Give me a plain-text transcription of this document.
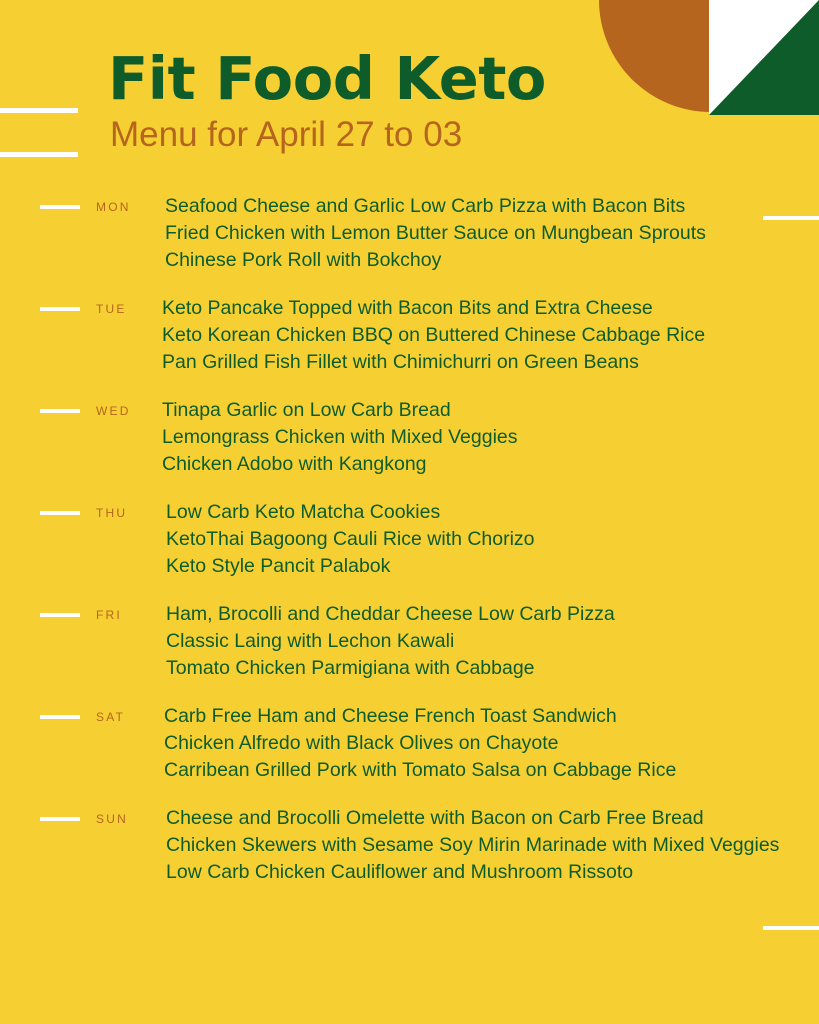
Fit Food Keto
Menu for April 27 to 03
MON Seafood Cheese and Garlic Low Carb Pizza with Bacon Bits
Fried Chicken with Lemon Butter Sauce on Mungbean Sprouts
Chinese Pork Roll with Bokchoy
TUE Keto Pancake Topped with Bacon Bits and Extra Cheese
Keto Korean Chicken BBQ on Buttered Chinese Cabbage Rice
Pan Grilled Fish Fillet with Chimichurri on Green Beans
WED Tinapa Garlic on Low Carb Bread
Lemongrass Chicken with Mixed Veggies
Chicken Adobo with Kangkong
THU Low Carb Keto Matcha Cookies
KetoThai Bagoong Cauli Rice with Chorizo
Keto Style Pancit Palabok
FRI Ham, Brocolli and Cheddar Cheese Low Carb Pizza
Classic Laing with Lechon Kawali
Tomato Chicken Parmigiana with Cabbage
SAT Carb Free Ham and Cheese French Toast Sandwich
Chicken Alfredo with Black Olives on Chayote
Carribean Grilled Pork with Tomato Salsa on Cabbage Rice
SUN Cheese and Brocolli Omelette with Bacon on Carb Free Bread
Chicken Skewers with Sesame Soy Mirin Marinade with Mixed Veggies
Low Carb Chicken Cauliflower and Mushroom Rissoto
